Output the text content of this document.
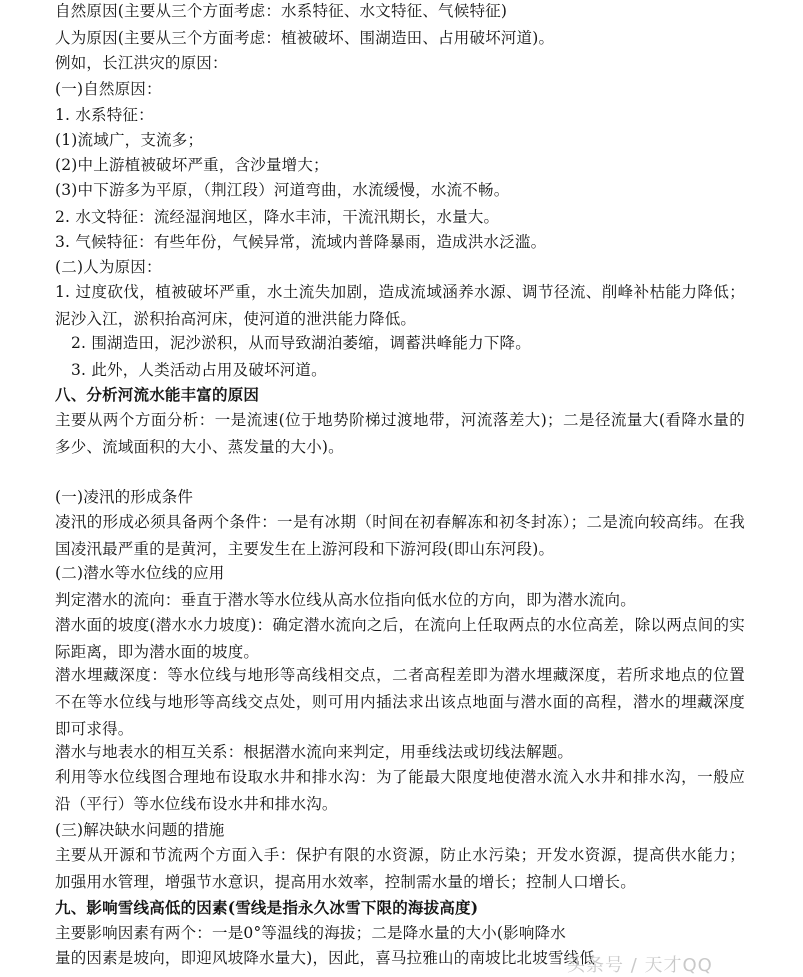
自然原因(主要从三个方面考虑：水系特征、水文特征、气候特征)
人为原因(主要从三个方面考虑：植被破坏、围湖造田、占用破坏河道)。
例如，长江洪灾的原因：
(一)自然原因：
1. 水系特征：
(1)流域广，支流多；
(2)中上游植被破坏严重，含沙量增大；
(3)中下游多为平原，（荆江段）河道弯曲，水流缓慢，水流不畅。
2. 水文特征：流经湿润地区，降水丰沛，干流汛期长，水量大。
3. 气候特征：有些年份，气候异常，流域内普降暴雨，造成洪水泛滥。
(二)人为原因：
1. 过度砍伐，植被破坏严重，水土流失加剧，造成流域涵养水源、调节径流、削峰补枯能力降低；泥沙入江，淤积抬高河床，使河道的泄洪能力降低。
2. 围湖造田，泥沙淤积，从而导致湖泊萎缩，调蓄洪峰能力下降。
3. 此外，人类活动占用及破坏河道。
八、分析河流水能丰富的原因
主要从两个方面分析：一是流速(位于地势阶梯过渡地带，河流落差大)；二是径流量大(看降水量的多少、流域面积的大小、蒸发量的大小)。
(一)凌汛的形成条件
凌汛的形成必须具备两个条件：一是有冰期（时间在初春解冻和初冬封冻）；二是流向较高纬。在我国凌汛最严重的是黄河，主要发生在上游河段和下游河段(即山东河段)。
(二)潜水等水位线的应用
判定潜水的流向：垂直于潜水等水位线从高水位指向低水位的方向，即为潜水流向。
潜水面的坡度(潜水水力坡度)：确定潜水流向之后，在流向上任取两点的水位高差，除以两点间的实际距离，即为潜水面的坡度。
潜水埋藏深度：等水位线与地形等高线相交点，二者高程差即为潜水埋藏深度，若所求地点的位置不在等水位线与地形等高线交点处，则可用内插法求出该点地面与潜水面的高程，潜水的埋藏深度即可求得。
潜水与地表水的相互关系：根据潜水流向来判定，用垂线法或切线法解题。
利用等水位线图合理地布设取水井和排水沟：为了能最大限度地使潜水流入水井和排水沟，一般应沿（平行）等水位线布设水井和排水沟。
(三)解决缺水问题的措施
主要从开源和节流两个方面入手：保护有限的水资源，防止水污染；开发水资源，提高供水能力；加强用水管理，增强节水意识，提高用水效率，控制需水量的增长；控制人口增长。
九、影响雪线高低的因素(雪线是指永久冰雪下限的海拔高度)
主要影响因素有两个：一是0°等温线的海拔；二是降水量的大小(影响降水
量的因素是坡向，即迎风坡降水量大)，因此，喜马拉雅山的南坡比北坡雪线低
头条号 / 天才QQ
